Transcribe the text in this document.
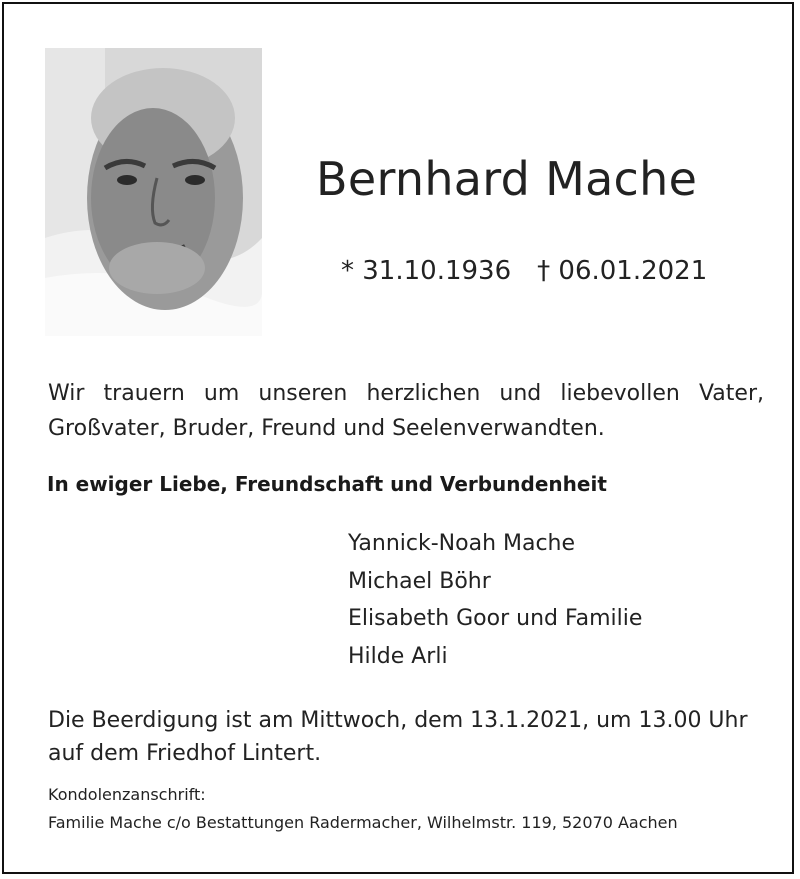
Bernhard Mache
* 31.10.1936 † 06.01.2021
Wir trauern um unseren herzlichen und liebevollen Vater,
Großvater, Bruder, Freund und Seelenverwandten.
In ewiger Liebe, Freundschaft und Verbundenheit
Yannick-Noah Mache
Michael Böhr
Elisabeth Goor und Familie
Hilde Arli
Die Beerdigung ist am Mittwoch, dem 13.1.2021, um 13.00 Uhr
auf dem Friedhof Lintert.
Kondolenzanschrift:
Familie Mache c/o Bestattungen Radermacher, Wilhelmstr. 119, 52070 Aachen
